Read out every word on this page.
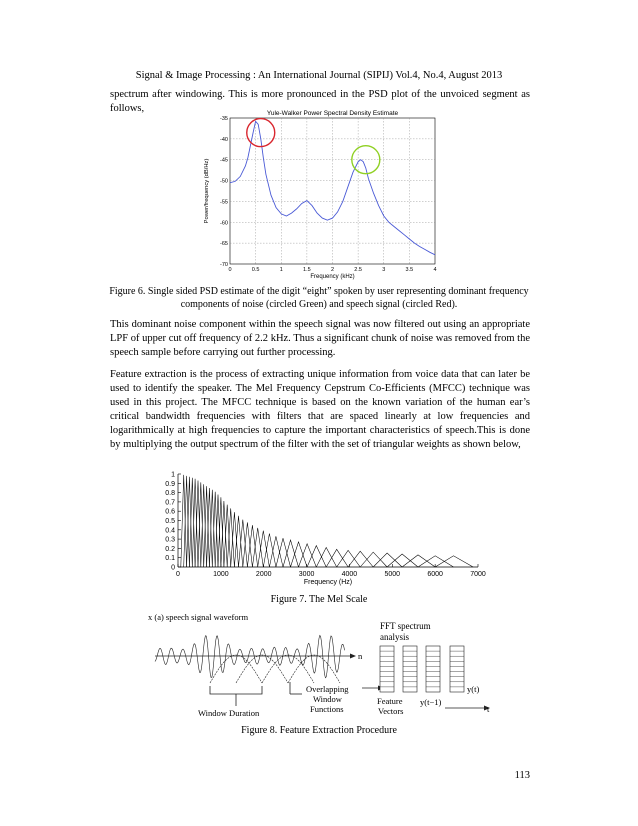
Signal & Image Processing : An International Journal (SIPIJ) Vol.4, No.4, August 2013
spectrum after windowing. This is more pronounced in the PSD plot of the unvoiced segment as follows,	Yule-Walker Power Spectral Density Estimate
0	0.5	1	1.5	2	2.5	3	3.5	4
-35
-40
-45
-50
-55
-60
-65
-70
Frequency (kHz)
Power/frequency (dB/Hz)
Figure 6. Single sided PSD estimate of the digit “eight” spoken by user representing dominant frequency
components of noise (circled Green) and speech signal (circled Red).
This dominant noise component within the speech signal was now filtered out using an appropriate LPF of upper cut off frequency of 2.2 kHz. Thus a significant chunk of noise was removed from the speech sample before carrying out further processing.
Feature extraction is the process of extracting unique information from voice data that can later be used to identify the speaker. The Mel Frequency Cepstrum Co-Efficients (MFCC) technique was used in this project. The MFCC technique is based on the known variation of the human ear’s critical bandwidth frequencies with filters that are spaced linearly at low frequencies and logarithmically at high frequencies to capture the important characteristics of speech.This is done by multiplying the output spectrum of the filter with the set of triangular weights as shown below,
0
0.1
0.2
0.3
0.4
0.5
0.6
0.7
0.8
0.9
1
0	1000	2000	3000	4000	5000	6000	7000
Frequency (Hz)
Figure 7. The Mel Scale
x (a) speech signal waveform
n
Window Duration
Overlapping
Window
Functions
FFT spectrum
analysis
t
Feature
Vectors
y(t−1)
y(t)
Figure 8. Feature Extraction Procedure
113
